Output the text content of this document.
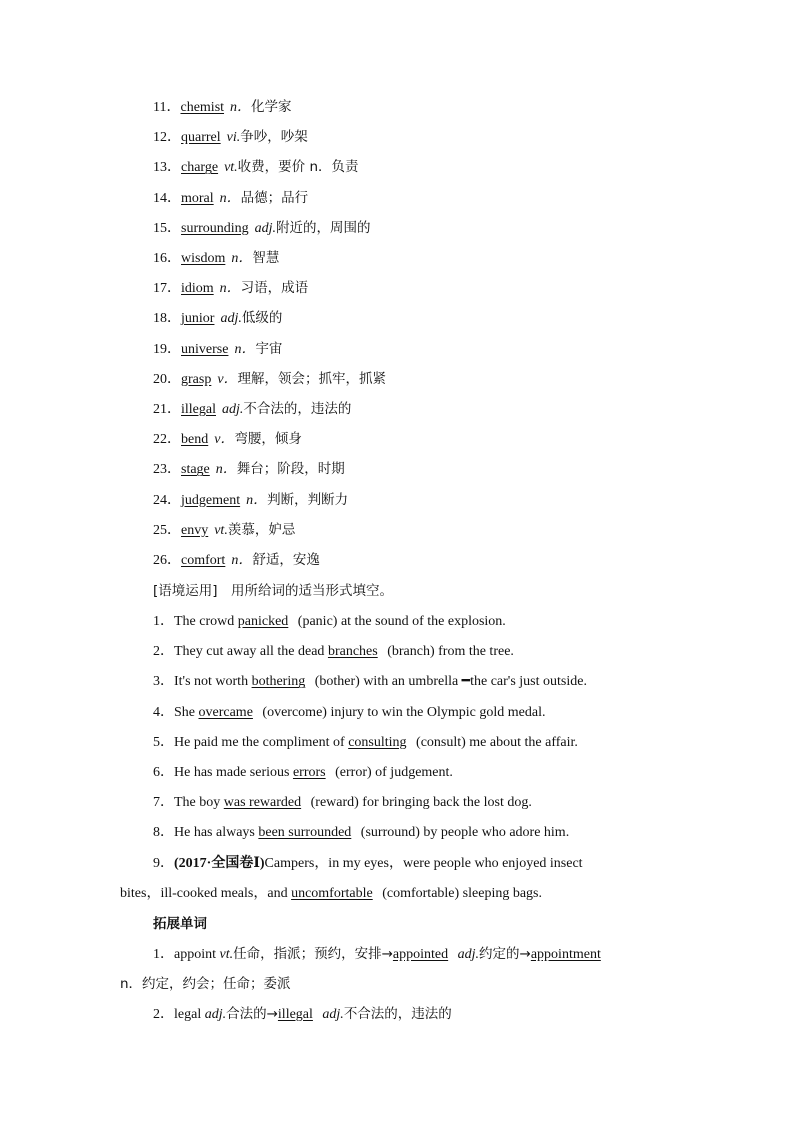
11．chemist n．化学家
12．quarrel vi.争吵，吵架
13．charge vt.收费，要价 n．负责
14．moral n．品德；品行
15．surrounding adj.附近的，周围的
16．wisdom n．智慧
17．idiom n．习语，成语
18．junior adj.低级的
19．universe n．宇宙
20．grasp v．理解，领会；抓牢，抓紧
21．illegal adj.不合法的，违法的
22．bend v．弯腰，倾身
23．stage n．舞台；阶段，时期
24．judgement n．判断，判断力
25．envy vt.羡慕，妒忌
26．comfort n．舒适，安逸
[语境运用]　用所给词的适当形式填空。
1．The crowd panicked (panic) at the sound of the explosion.
2．They cut away all the dead branches (branch) from the tree.
3．It's not worth bothering (bother) with an umbrella ━the car's just outside.
4．She overcame (overcome) injury to win the Olympic gold medal.
5．He paid me the compliment of consulting (consult) me about the affair.
6．He has made serious errors (error) of judgement.
7．The boy was rewarded (reward) for bringing back the lost dog.
8．He has always been surrounded (surround) by people who adore him.
9．(2017·全国卷Ⅰ)Campers，in my eyes，were people who enjoyed insect
bites，ill-cooked meals，and uncomfortable (comfortable) sleeping bags.
拓展单词
1．appoint vt.任命，指派；预约，安排→appointed adj.约定的→appointment
n．约定，约会；任命；委派
2．legal adj.合法的→illegal adj.不合法的，违法的
